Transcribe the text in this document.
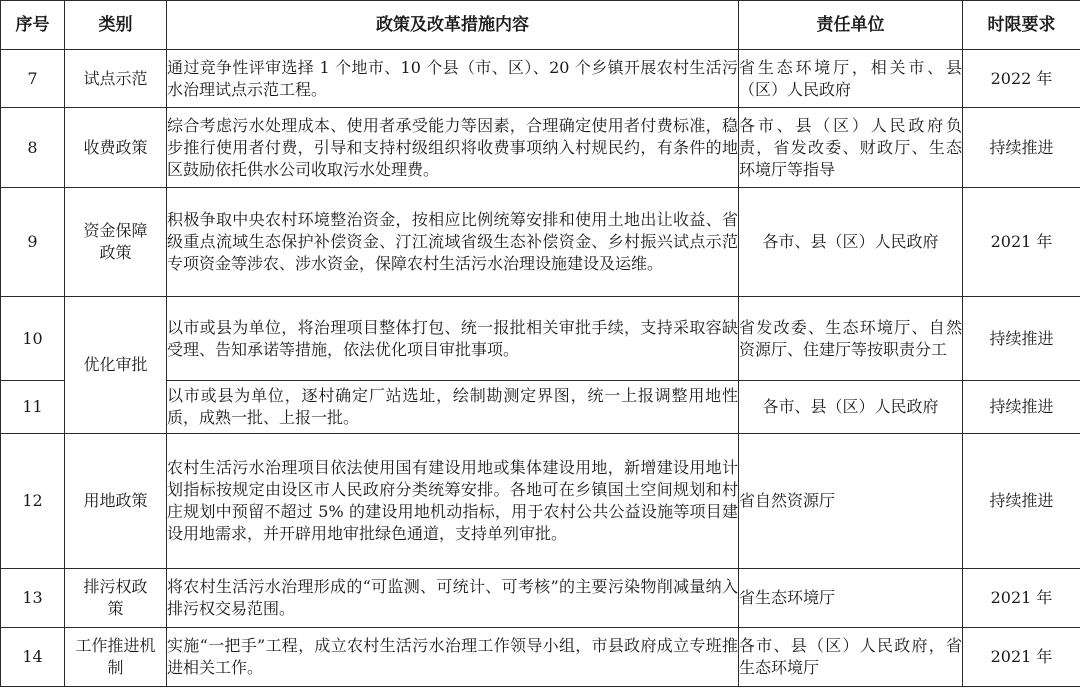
序号	类别	政策及改革措施内容	责任单位	时限要求
7	试点示范	通过竞争性评审选择 1 个地市、10 个县（市、区）、20 个乡镇开展农村生活污水治理试点示范工程。	省生态环境厅，相关市、县（区）人民政府	2022 年
8	收费政策	综合考虑污水处理成本、使用者承受能力等因素，合理确定使用者付费标准，稳步推行使用者付费，引导和支持村级组织将收费事项纳入村规民约，有条件的地区鼓励依托供水公司收取污水处理费。	各市、县（区）人民政府负责，省发改委、财政厅、生态环境厅等指导	持续推进
9	资金保障政策	积极争取中央农村环境整治资金，按相应比例统筹安排和使用土地出让收益、省级重点流域生态保护补偿资金、汀江流域省级生态补偿资金、乡村振兴试点示范专项资金等涉农、涉水资金，保障农村生活污水治理设施建设及运维。	各市、县（区）人民政府	2021 年
10	优化审批	以市或县为单位，将治理项目整体打包、统一报批相关审批手续，支持采取容缺受理、告知承诺等措施，依法优化项目审批事项。	省发改委、生态环境厅、自然资源厅、住建厅等按职责分工	持续推进
11		以市或县为单位，逐村确定厂站选址，绘制勘测定界图，统一上报调整用地性质，成熟一批、上报一批。	各市、县（区）人民政府	持续推进
12	用地政策	农村生活污水治理项目依法使用国有建设用地或集体建设用地，新增建设用地计划指标按规定由设区市人民政府分类统筹安排。各地可在乡镇国土空间规划和村庄规划中预留不超过 5% 的建设用地机动指标，用于农村公共公益设施等项目建设用地需求，并开辟用地审批绿色通道，支持单列审批。	省自然资源厅	持续推进
13	排污权政策	将农村生活污水治理形成的“可监测、可统计、可考核”的主要污染物削减量纳入排污权交易范围。	省生态环境厅	2021 年
14	工作推进机制	实施“一把手”工程，成立农村生活污水治理工作领导小组，市县政府成立专班推进相关工作。	各市、县（区）人民政府，省生态环境厅	2021 年
